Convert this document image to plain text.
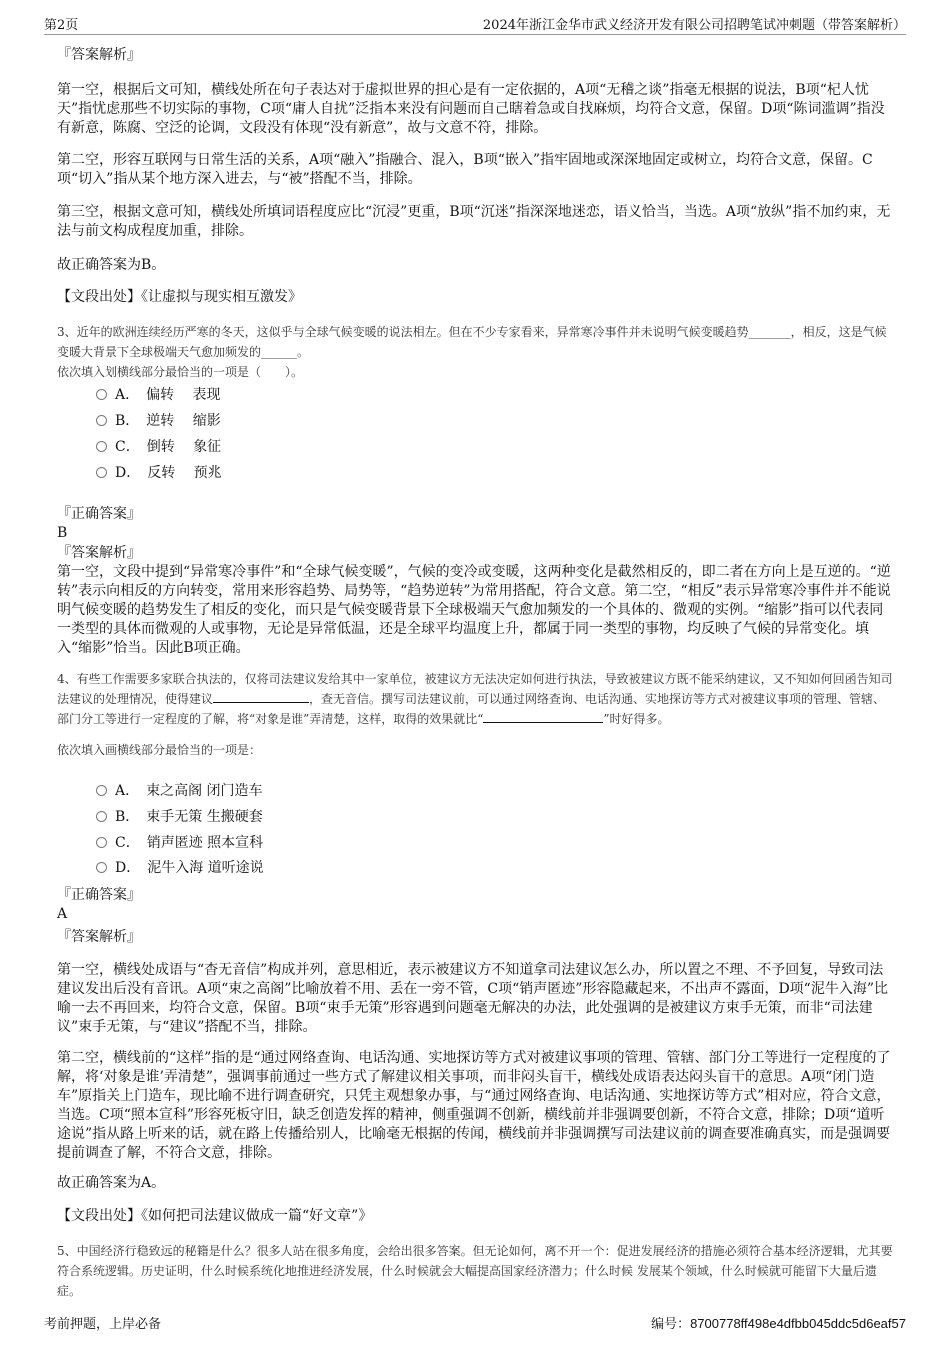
第2页	2024年浙江金华市武义经济开发有限公司招聘笔试冲刺题（带答案解析）

『答案解析』

第一空，根据后文可知，横线处所在句子表达对于虚拟世界的担心是有一定依据的，A项“无稽之谈”指毫无根据的说法，B项“杞人忧天”指忧虑那些不切实际的事物，C项“庸人自扰”泛指本来没有问题而自己瞎着急或自找麻烦，均符合文意，保留。D项“陈词滥调”指没有新意，陈腐、空泛的论调，文段没有体现“没有新意”，故与文意不符，排除。

第二空，形容互联网与日常生活的关系，A项“融入”指融合、混入，B项“嵌入”指牢固地或深深地固定或树立，均符合文意，保留。C项“切入”指从某个地方深入进去，与“被”搭配不当，排除。

第三空，根据文意可知，横线处所填词语程度应比“沉浸”更重，B项“沉迷”指深深地迷恋，语义恰当，当选。A项“放纵”指不加约束，无法与前文构成程度加重，排除。

故正确答案为B。

【文段出处】《让虚拟与现实相互激发》

3、近年的欧洲连续经历严寒的冬天，这似乎与全球气候变暖的说法相左。但在不少专家看来，异常寒冷事件并未说明气候变暖趋势_______，相反，这是气候变暖大背景下全球极端天气愈加频发的______。

依次填入划横线部分最恰当的一项是（　　）。

A．　偏转　 表现
B．　逆转　 缩影
C．　倒转　 象征
D．　反转　 预兆

『正确答案』

B

『答案解析』

第一空，文段中提到“异常寒冷事件”和“全球气候变暖”，气候的变冷或变暖，这两种变化是截然相反的，即二者在方向上是互逆的。“逆转”表示向相反的方向转变，常用来形容趋势、局势等，“趋势逆转”为常用搭配，符合文意。第二空，“相反”表示异常寒冷事件并不能说明气候变暖的趋势发生了相反的变化，而只是气候变暖背景下全球极端天气愈加频发的一个具体的、微观的实例。“缩影”指可以代表同一类型的具体而微观的人或事物，无论是异常低温，还是全球平均温度上升，都属于同一类型的事物，均反映了气候的异常变化。填入“缩影”恰当。因此B项正确。

4、有些工作需要多家联合执法的，仅将司法建议发给其中一家单位，被建议方无法决定如何进行执法，导致被建议方既不能采纳建议，又不知如何回函告知司法建议的处理情况，使得建议	，查无音信。撰写司法建议前，可以通过网络查询、电话沟通、实地探访等方式对被建议事项的管理、管辖、部门分工等进行一定程度的了解，将“对象是谁”弄清楚，这样，取得的效果就比“	”时好得多。

依次填入画横线部分最恰当的一项是：

A．　束之高阁 闭门造车
B．　束手无策 生搬硬套
C．　销声匿迹 照本宣科
D．　泥牛入海 道听途说

『正确答案』

A

『答案解析』

第一空，横线处成语与“杳无音信”构成并列，意思相近，表示被建议方不知道拿司法建议怎么办，所以置之不理、不予回复，导致司法建议发出后没有音讯。A项“束之高阁”比喻放着不用、丢在一旁不管，C项“销声匿迹”形容隐藏起来，不出声不露面，D项“泥牛入海”比喻一去不再回来，均符合文意，保留。B项“束手无策”形容遇到问题毫无解决的办法，此处强调的是被建议方束手无策，而非“司法建议”束手无策，与“建议”搭配不当，排除。

第二空，横线前的“这样”指的是“通过网络查询、电话沟通、实地探访等方式对被建议事项的管理、管辖、部门分工等进行一定程度的了解，将‘对象是谁’弄清楚”，强调事前通过一些方式了解建议相关事项，而非闷头盲干，横线处成语表达闷头盲干的意思。A项“闭门造车”原指关上门造车，现比喻不进行调查研究，只凭主观想象办事，与“通过网络查询、电话沟通、实地探访等方式”相对应，符合文意，当选。C项“照本宣科”形容死板守旧，缺乏创造发挥的精神，侧重强调不创新，横线前并非强调要创新，不符合文意，排除；D项“道听途说”指从路上听来的话，就在路上传播给别人，比喻毫无根据的传闻，横线前并非强调撰写司法建议前的调查要准确真实，而是强调要提前调查了解，不符合文意，排除。

故正确答案为A。

【文段出处】《如何把司法建议做成一篇“好文章”》

5、中国经济行稳致远的秘籍是什么？很多人站在很多角度，会给出很多答案。但无论如何，离不开一个：促进发展经济的措施必须符合基本经济逻辑，尤其要符合系统逻辑。历史证明，什么时候系统化地推进经济发展，什么时候就会大幅提高国家经济潜力；什么时候 发展某个领域，什么时候就可能留下大量后遗症。

考前押题，上岸必备	编号：8700778ff498e4dfbb045ddc5d6eaf57
